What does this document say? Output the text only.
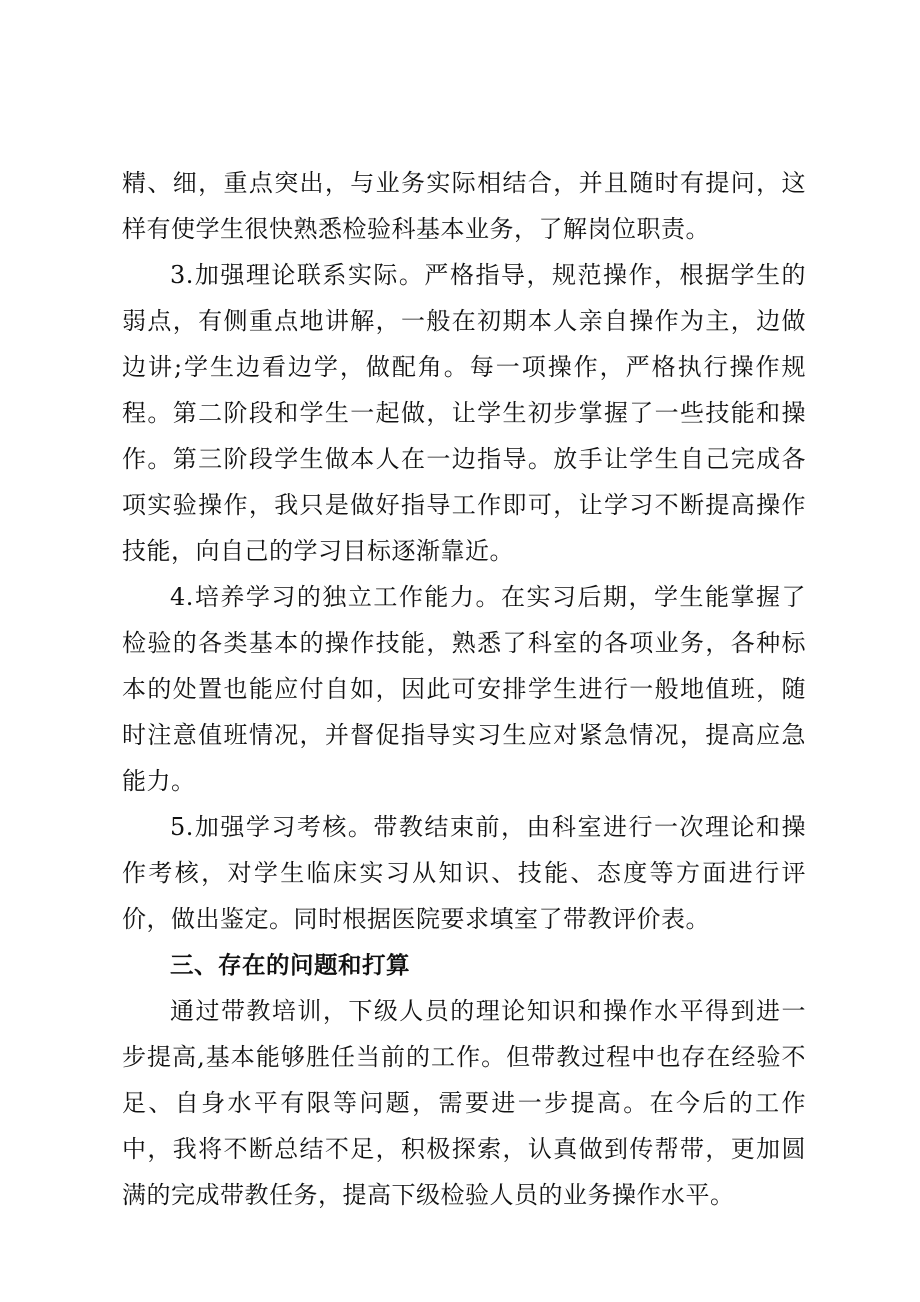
精、细，重点突出，与业务实际相结合，并且随时有提问，这样有使学生很快熟悉检验科基本业务，了解岗位职责。

3.加强理论联系实际。严格指导，规范操作，根据学生的弱点，有侧重点地讲解，一般在初期本人亲自操作为主，边做边讲;学生边看边学，做配角。每一项操作，严格执行操作规程。第二阶段和学生一起做，让学生初步掌握了一些技能和操作。第三阶段学生做本人在一边指导。放手让学生自己完成各项实验操作，我只是做好指导工作即可，让学习不断提高操作技能，向自己的学习目标逐渐靠近。

4.培养学习的独立工作能力。在实习后期，学生能掌握了检验的各类基本的操作技能，熟悉了科室的各项业务，各种标本的处置也能应付自如，因此可安排学生进行一般地值班，随时注意值班情况，并督促指导实习生应对紧急情况，提高应急能力。

5.加强学习考核。带教结束前，由科室进行一次理论和操作考核，对学生临床实习从知识、技能、态度等方面进行评价，做出鉴定。同时根据医院要求填室了带教评价表。

三、存在的问题和打算

通过带教培训，下级人员的理论知识和操作水平得到进一步提高,基本能够胜任当前的工作。但带教过程中也存在经验不足、自身水平有限等问题，需要进一步提高。在今后的工作中，我将不断总结不足，积极探索，认真做到传帮带，更加圆满的完成带教任务，提高下级检验人员的业务操作水平。
